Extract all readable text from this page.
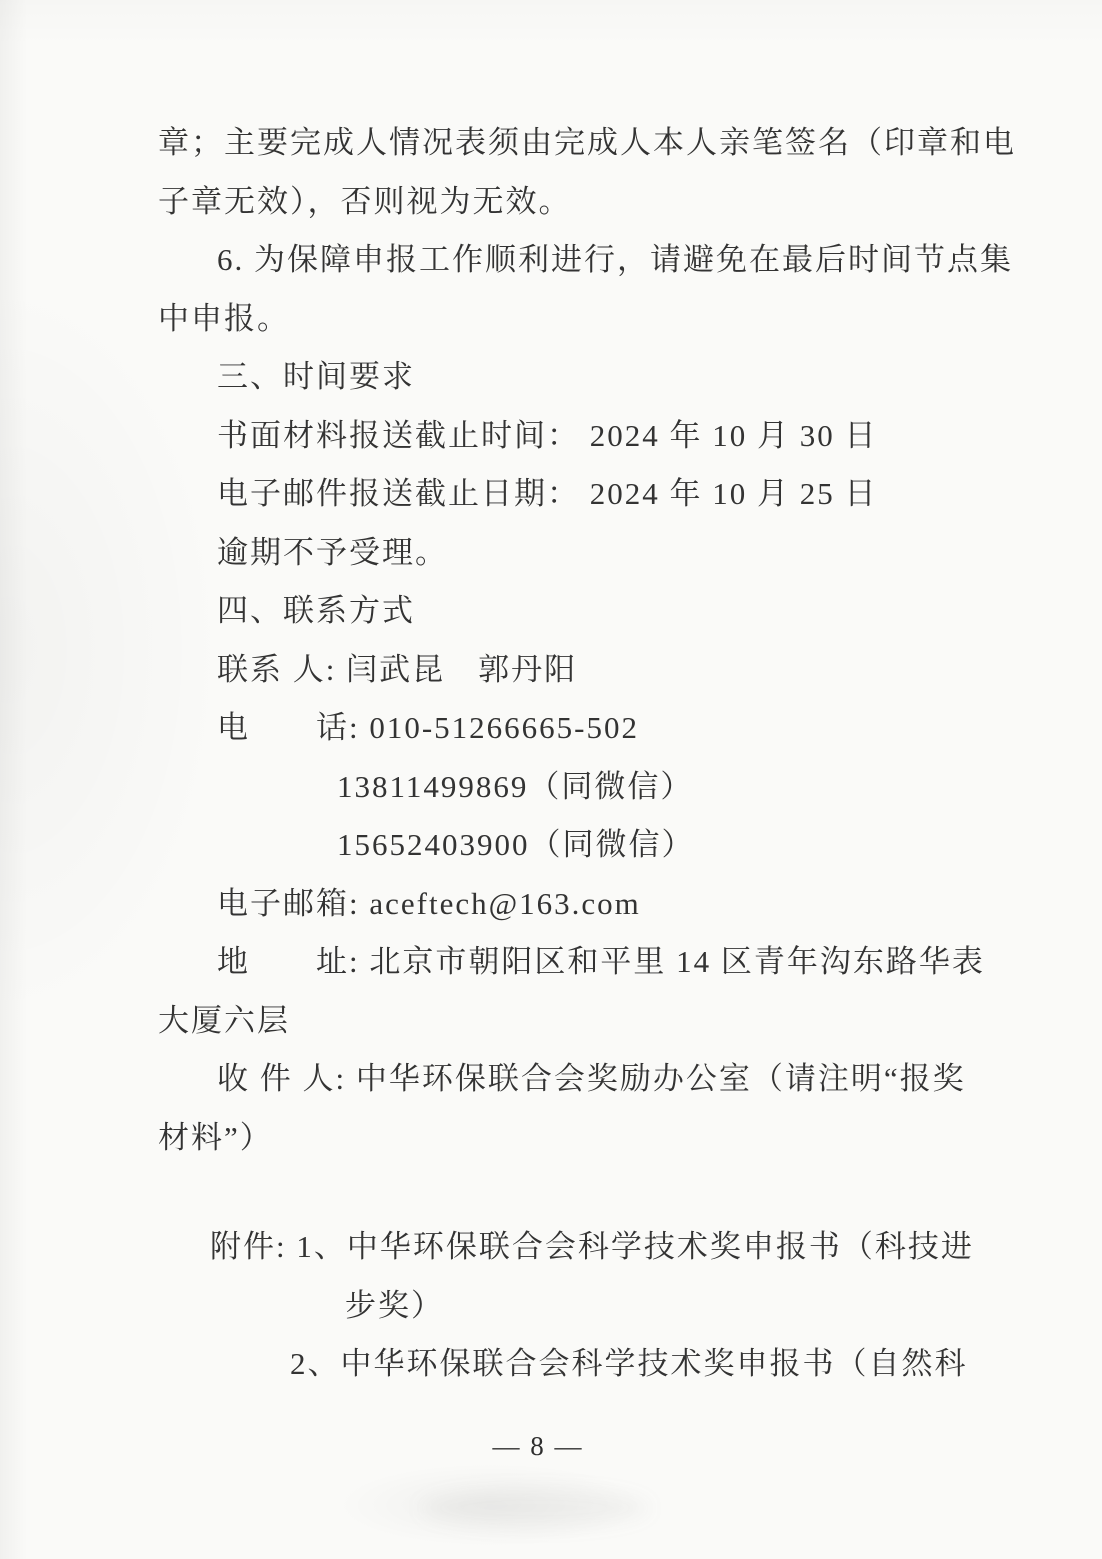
章；主要完成人情况表须由完成人本人亲笔签名（印章和电
子章无效），否则视为无效。
6. 为保障申报工作顺利进行，请避免在最后时间节点集
中申报。
三、时间要求
书面材料报送截止时间： 2024 年 10 月 30 日
电子邮件报送截止日期： 2024 年 10 月 25 日
逾期不予受理。
四、联系方式
联系 人: 闫武昆　郭丹阳
电　　话: 010-51266665-502
13811499869（同微信）
15652403900（同微信）
电子邮箱: aceftech@163.com
地　　址: 北京市朝阳区和平里 14 区青年沟东路华表
大厦六层
收 件 人: 中华环保联合会奖励办公室（请注明“报奖
材料”）
附件: 1、中华环保联合会科学技术奖申报书（科技进
步奖）
2、中华环保联合会科学技术奖申报书（自然科
— 8 —
